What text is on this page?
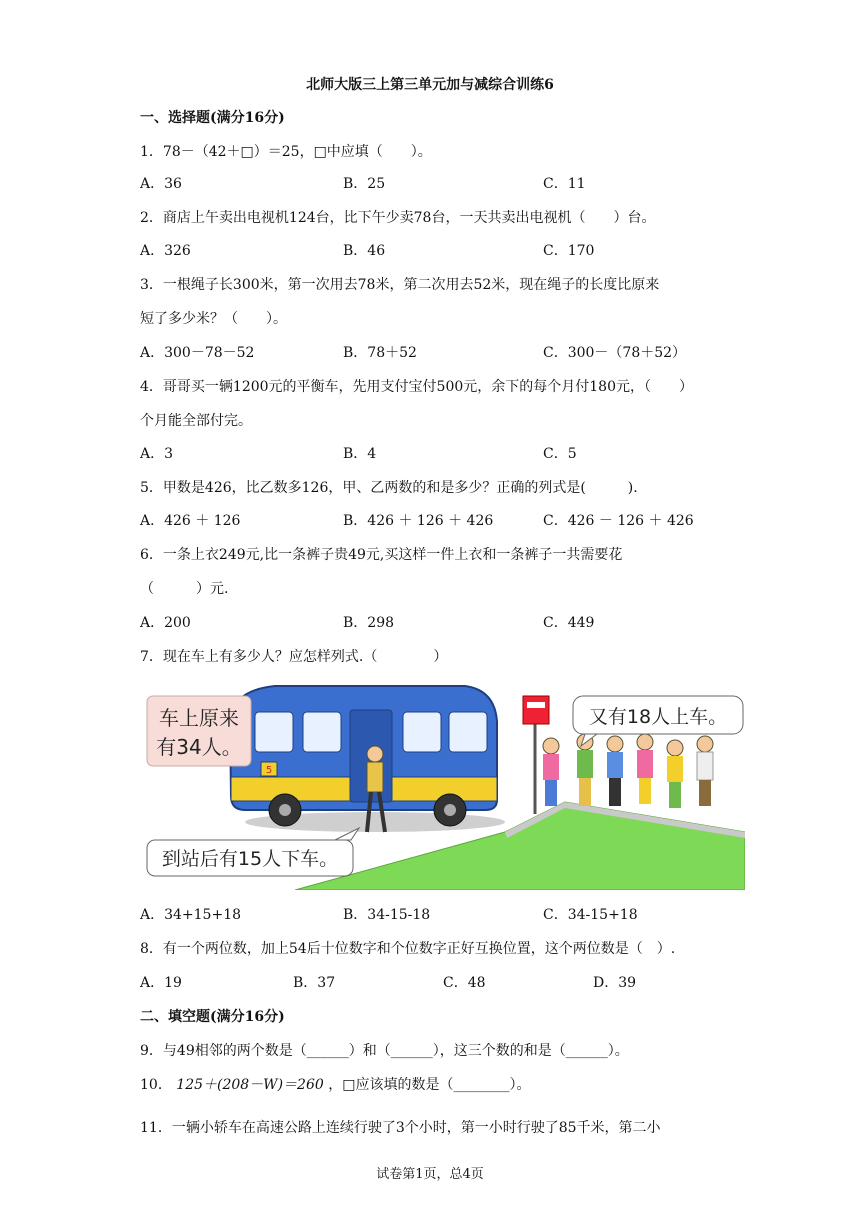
北师大版三上第三单元加与减综合训练6
一、选择题(满分16分)
1．78－（42＋□）＝25，□中应填（　　）。
A．36	B．25	C．11
2．商店上午卖出电视机124台，比下午少卖78台，一天共卖出电视机（　　）台。
A．326	B．46	C．170
3．一根绳子长300米，第一次用去78米，第二次用去52米，现在绳子的长度比原来
短了多少米？（　　）。
A．300－78－52	B．78＋52	C．300－（78＋52）
4．哥哥买一辆1200元的平衡车，先用支付宝付500元，余下的每个月付180元，（　　）
个月能全部付完。
A．3	B．4	C．5
5．甲数是426，比乙数多126，甲、乙两数的和是多少？正确的列式是(　　　).
A．426 ＋ 126	B．426 ＋ 126 ＋ 426	C．426 － 126 ＋ 426
6．一条上衣249元,比一条裤子贵49元,买这样一件上衣和一条裤子一共需要花
（　　　）元.
A．200	B．298	C．449
7．现在车上有多少人？应怎样列式.（　　　　）
5
车上原来
有34人。
又有18人上车。
到站后有15人下车。
A．34+15+18	B．34-15-18	C．34-15+18
8．有一个两位数，加上54后十位数字和个位数字正好互换位置，这个两位数是（　）.
A．19	B．37	C．48	D．39
二、填空题(满分16分)
9．与49相邻的两个数是（______）和（______），这三个数的和是（______）。
10． 125＋(208－W)＝260 ，□应该填的数是（________）。
11．一辆小轿车在高速公路上连续行驶了3个小时，第一小时行驶了85千米，第二小
试卷第1页，总4页
